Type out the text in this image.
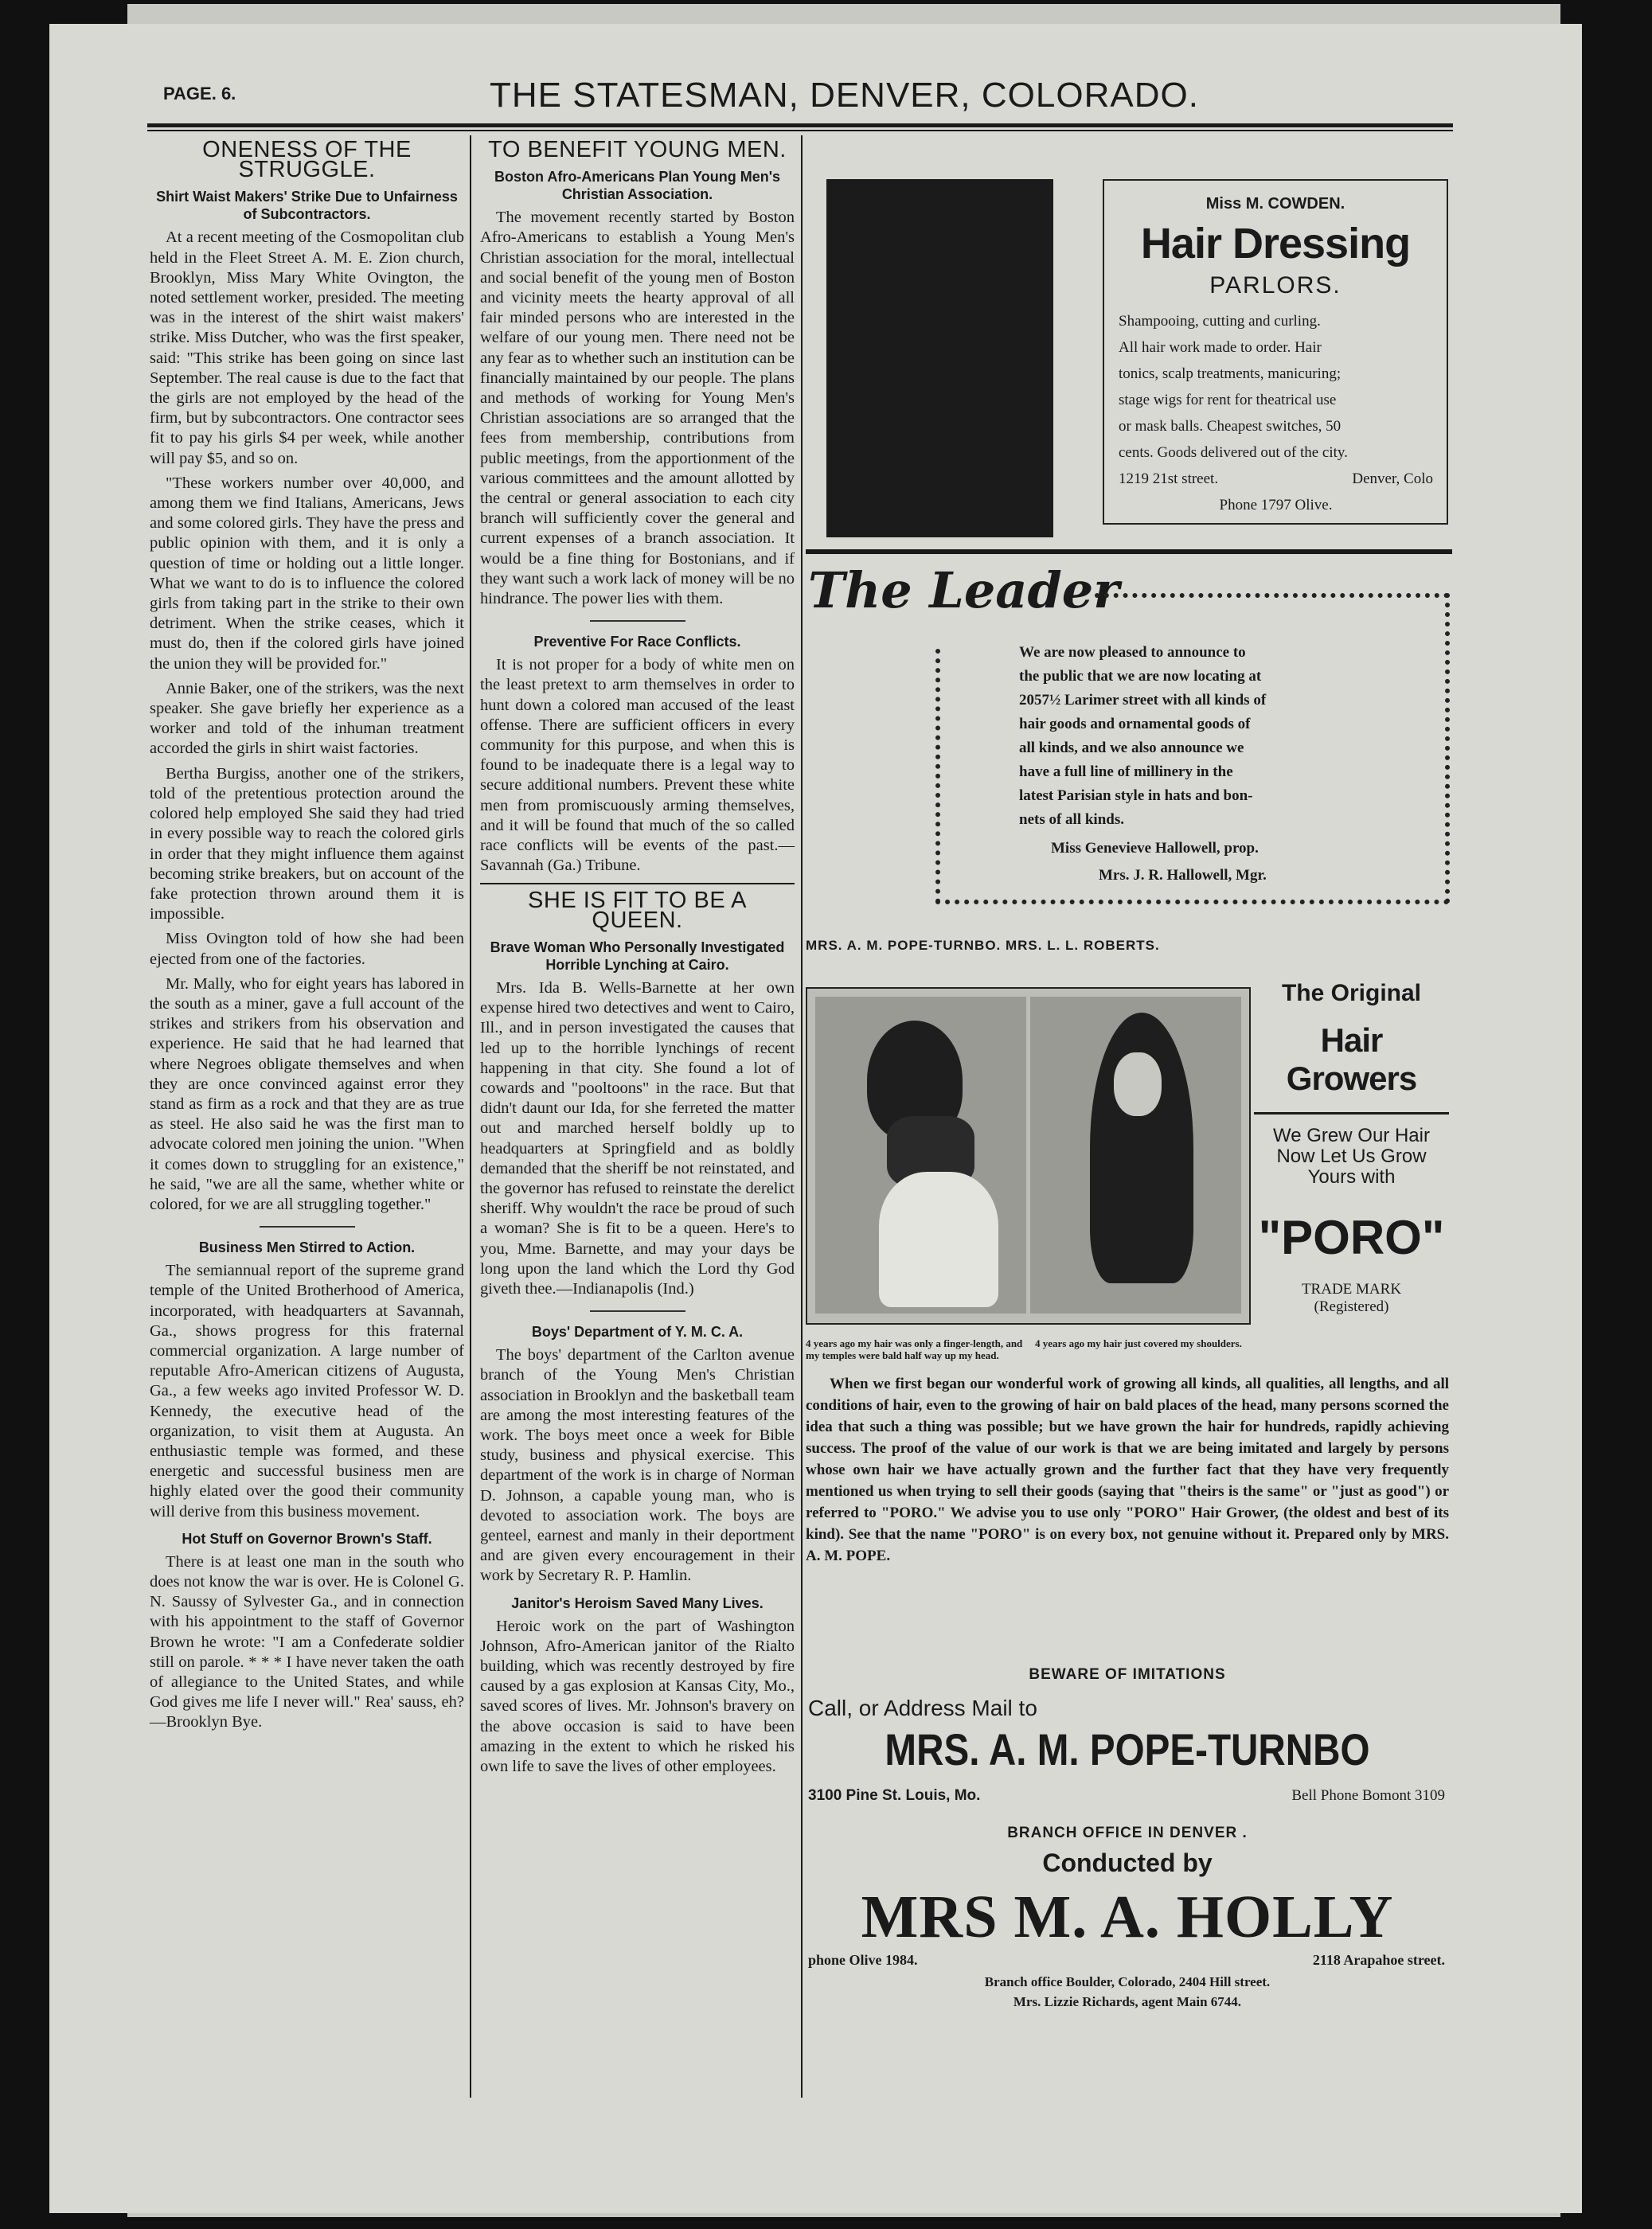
PAGE. 6.	THE STATESMAN, DENVER, COLORADO.
ONENESS OF THE STRUGGLE.
Shirt Waist Makers' Strike Due to Unfairness of Subcontractors.

At a recent meeting of the Cosmopolitan club held in the Fleet Street A. M. E. Zion church, Brooklyn, Miss Mary White Ovington, the noted settlement worker, presided. The meeting was in the interest of the shirt waist makers' strike. Miss Dutcher, who was the first speaker, said: "This strike has been going on since last September. The real cause is due to the fact that the girls are not employed by the head of the firm, but by subcontractors. One contractor sees fit to pay his girls $4 per week, while another will pay $5, and so on.

"These workers number over 40,000, and among them we find Italians, Americans, Jews and some colored girls. They have the press and public opinion with them, and it is only a question of time or holding out a little longer. What we want to do is to influence the colored girls from taking part in the strike to their own detriment. When the strike ceases, which it must do, then if the colored girls have joined the union they will be provided for."

Annie Baker, one of the strikers, was the next speaker. She gave briefly her experience as a worker and told of the inhuman treatment accorded the girls in shirt waist factories.

Bertha Burgiss, another one of the strikers, told of the pretentious protection around the colored help employed She said they had tried in every possible way to reach the colored girls in order that they might influence them against becoming strike breakers, but on account of the fake protection thrown around them it is impossible.

Miss Ovington told of how she had been ejected from one of the factories.

Mr. Mally, who for eight years has labored in the south as a miner, gave a full account of the strikes and strikers from his observation and experience. He said that he had learned that where Negroes obligate themselves and when they are once convinced against error they stand as firm as a rock and that they are as true as steel. He also said he was the first man to advocate colored men joining the union. "When it comes down to struggling for an existence," he said, "we are all the same, whether white or colored, for we are all struggling together."

Business Men Stirred to Action.

The semiannual report of the supreme grand temple of the United Brotherhood of America, incorporated, with headquarters at Savannah, Ga., shows progress for this fraternal commercial organization. A large number of reputable Afro-American citizens of Augusta, Ga., a few weeks ago invited Professor W. D. Kennedy, the executive head of the organization, to visit them at Augusta. An enthusiastic temple was formed, and these energetic and successful business men are highly elated over the good their community will derive from this business movement.

Hot Stuff on Governor Brown's Staff.

There is at least one man in the south who does not know the war is over. He is Colonel G. N. Saussy of Sylvester Ga., and in connection with his appointment to the staff of Governor Brown he wrote: "I am a Confederate soldier still on parole. * * * I have never taken the oath of allegiance to the United States, and while God gives me life I never will." Rea' sauss, eh?—Brooklyn Bye.

TO BENEFIT YOUNG MEN.
Boston Afro-Americans Plan Young Men's Christian Association.

The movement recently started by Boston Afro-Americans to establish a Young Men's Christian association for the moral, intellectual and social benefit of the young men of Boston and vicinity meets the hearty approval of all fair minded persons who are interested in the welfare of our young men. There need not be any fear as to whether such an institution can be financially maintained by our people. The plans and methods of working for Young Men's Christian associations are so arranged that the fees from membership, contributions from public meetings, from the apportionment of the various committees and the amount allotted by the central or general association to each city branch will sufficiently cover the general and current expenses of a branch association. It would be a fine thing for Bostonians, and if they want such a work lack of money will be no hindrance. The power lies with them.

Preventive For Race Conflicts.

It is not proper for a body of white men on the least pretext to arm themselves in order to hunt down a colored man accused of the least offense. There are sufficient officers in every community for this purpose, and when this is found to be inadequate there is a legal way to secure additional numbers. Prevent these white men from promiscuously arming themselves, and it will be found that much of the so called race conflicts will be events of the past.—Savannah (Ga.) Tribune.

SHE IS FIT TO BE A QUEEN.
Brave Woman Who Personally Investigated Horrible Lynching at Cairo.

Mrs. Ida B. Wells-Barnette at her own expense hired two detectives and went to Cairo, Ill., and in person investigated the causes that led up to the horrible lynchings of recent happening in that city. She found a lot of cowards and "pooltoons" in the race. But that didn't daunt our Ida, for she ferreted the matter out and marched herself boldly up to headquarters at Springfield and as boldly demanded that the sheriff be not reinstated, and the governor has refused to reinstate the derelict sheriff. Why wouldn't the race be proud of such a woman? She is fit to be a queen. Here's to you, Mme. Barnette, and may your days be long upon the land which the Lord thy God giveth thee.—Indianapolis (Ind.)

Boys' Department of Y. M. C. A.

The boys' department of the Carlton avenue branch of the Young Men's Christian association in Brooklyn and the basketball team are among the most interesting features of the work. The boys meet once a week for Bible study, business and physical exercise. This department of the work is in charge of Norman D. Johnson, a capable young man, who is devoted to association work. The boys are genteel, earnest and manly in their deportment and are given every encouragement in their work by Secretary R. P. Hamlin.

Janitor's Heroism Saved Many Lives.

Heroic work on the part of Washington Johnson, Afro-American janitor of the Rialto building, which was recently destroyed by fire caused by a gas explosion at Kansas City, Mo., saved scores of lives. Mr. Johnson's bravery on the above occasion is said to have been amazing in the extent to which he risked his own life to save the lives of other employees.

Miss M. COWDEN.
Hair Dressing
PARLORS.
Shampooing, cutting and curling.
All hair work made to order. Hair
tonics, scalp treatments, manicuring;
stage wigs for rent for theatrical use
or mask balls. Cheapest switches, 50
cents. Goods delivered out of the city.
1219 21st street.	Denver, Colo
Phone 1797 Olive.
The Leader
We are now pleased to announce to
the public that we are now locating at
2057½ Larimer street with all kinds of
hair goods and ornamental goods of
all kinds, and we also announce we
have a full line of millinery in the
latest Parisian style in hats and bon-
nets of all kinds.
Miss Genevieve Hallowell, prop.
Mrs. J. R. Hallowell, Mgr.
MRS. A. M. POPE-TURNBO. MRS. L. L. ROBERTS.
4 years ago my hair was only a finger-length, and my temples were bald half way up my head.
4 years ago my hair just covered my shoulders.
The Original
Hair Growers
We Grew Our Hair
Now Let Us Grow
Yours with
"PORO"
TRADE MARK
(Registered)
When we first began our wonderful work of growing all kinds, all qualities, all lengths, and all conditions of hair, even to the growing of hair on bald places of the head, many persons scorned the idea that such a thing was possible; but we have grown the hair for hundreds, rapidly achieving success. The proof of the value of our work is that we are being imitated and largely by persons whose own hair we have actually grown and the further fact that they have very frequently mentioned us when trying to sell their goods (saying that "theirs is the same" or "just as good") or referred to "PORO." We advise you to use only "PORO" Hair Grower, (the oldest and best of its kind). See that the name "PORO" is on every box, not genuine without it. Prepared only by MRS. A. M. POPE.
BEWARE OF IMITATIONS
Call, or Address Mail to
MRS. A. M. POPE-TURNBO
3100 Pine St. Louis, Mo.	Bell Phone Bomont 3109
BRANCH OFFICE IN DENVER .
Conducted by
MRS M. A. HOLLY
phone Olive 1984.	2118 Arapahoe street.
Branch office Boulder, Colorado, 2404 Hill street.
Mrs. Lizzie Richards, agent Main 6744.
